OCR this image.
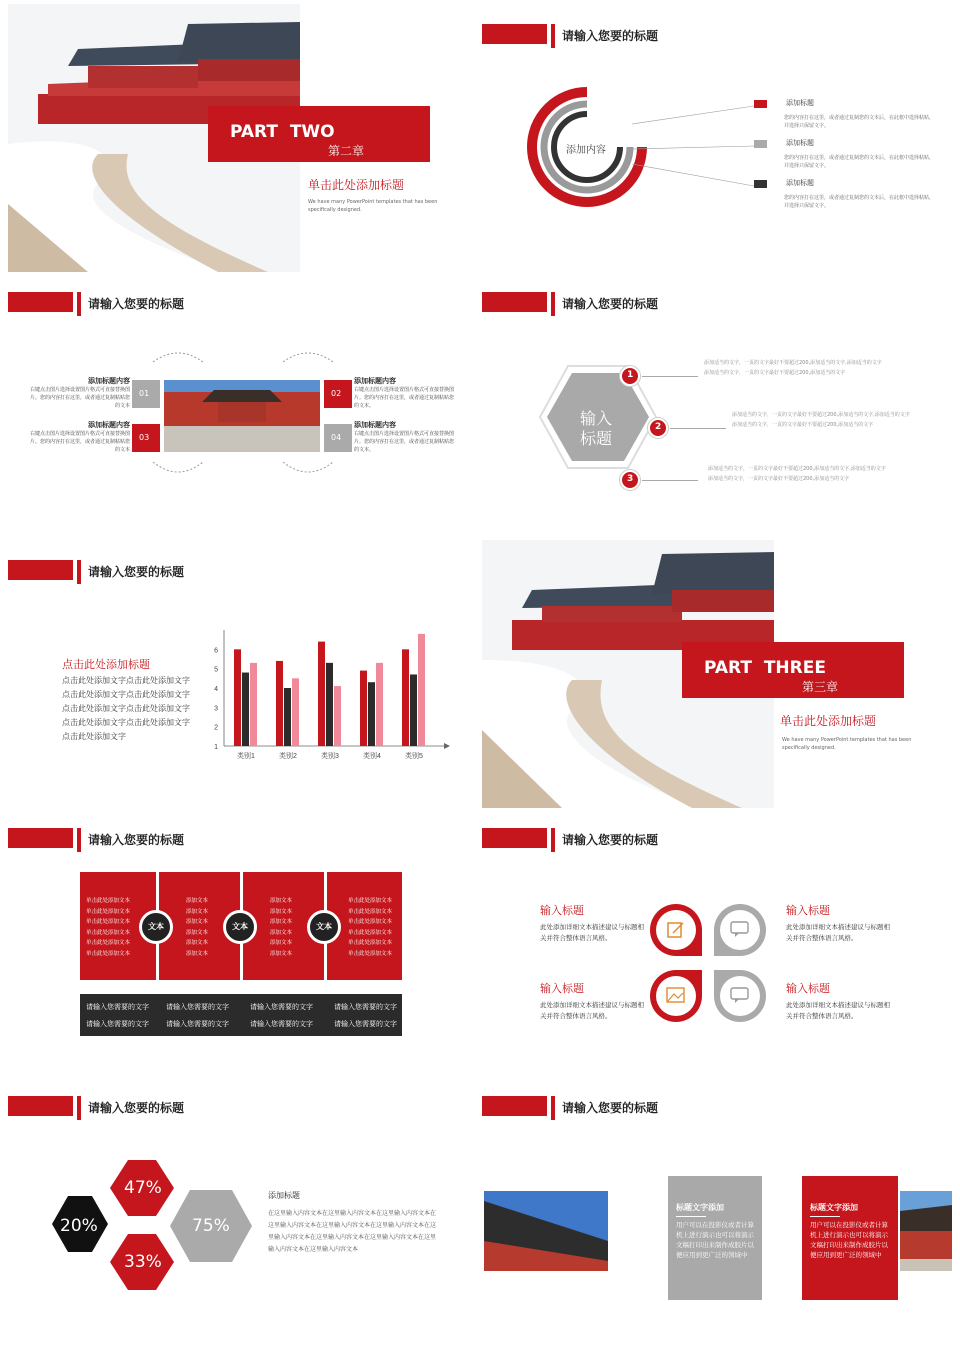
PART  TWO
第二章
单击此处添加标题
We have many PowerPoint templates that has been specifically designed.
请输入您要的标题
添加内容
添加标题
您的内容打在这里，或者通过复制您的文本后，在此框中选择粘贴，并选择只保留文字。
添加标题
您的内容打在这里，或者通过复制您的文本后，在此框中选择粘贴，并选择只保留文字。
添加标题
您的内容打在这里，或者通过复制您的文本后，在此框中选择粘贴，并选择只保留文字。
请输入您要的标题
01	02
03	04
添加标题内容
右键点击图片选择设置图片格式可直接替换图片。您的内容打在这里，或者通过复制粘贴您的文本
添加标题内容
右键点击图片选择设置图片格式可直接替换图片。您的内容打在这里，或者通过复制粘贴您的文本。
添加标题内容
右键点击图片选择设置图片格式可直接替换图片。您的内容打在这里，或者通过复制粘贴您的文本
添加标题内容
右键点击图片选择设置图片格式可直接替换图片。您的内容打在这里，或者通过复制粘贴您的文本。
请输入您要的标题
输入
标题
1
2
3
添加适当的文字，一页的文字最好不要超过200,添加适当的文字,添加适当的文字添加适当的文字，一页的文字最好不要超过200,添加适当的文字
添加适当的文字，一页的文字最好不要超过200,添加适当的文字,添加适当的文字添加适当的文字，一页的文字最好不要超过200,添加适当的文字
添加适当的文字，一页的文字最好不要超过200,添加适当的文字,添加适当的文字添加适当的文字，一页的文字最好不要超过200,添加适当的文字
请输入您要的标题
点击此处添加标题
点击此处添加文字点击此处添加文字
点击此处添加文字点击此处添加文字
点击此处添加文字点击此处添加文字
点击此处添加文字点击此处添加文字
点击此处添加文字
1
2
3
4
5
6
类别1	类别2	类别3	类别4	类别5
PART  THREE
第三章
单击此处添加标题
We have many PowerPoint templates that has been specifically designed.
请输入您要的标题
单击此处添加文本
单击此处添加文本
单击此处添加文本
单击此处添加文本
单击此处添加文本
单击此处添加文本
添加文本
添加文本
添加文本
添加文本
添加文本
添加文本
添加文本
添加文本
添加文本
添加文本
添加文本
添加文本
单击此处添加文本
单击此处添加文本
单击此处添加文本
单击此处添加文本
单击此处添加文本
单击此处添加文本
文本	文本	文本
请输入您需要的文字 请输入您需要的文字	请输入您需要的文字	请输入您需要的文字
请输入您需要的文字 请输入您需要的文字	请输入您需要的文字	请输入您需要的文字
请输入您要的标题
输入标题
此处添加详细文本描述建议与标题相关并符合整体语言风格。
输入标题
此处添加详细文本描述建议与标题相关并符合整体语言风格。
输入标题
此处添加详细文本描述建议与标题相关并符合整体语言风格。
输入标题
此处添加详细文本描述建议与标题相关并符合整体语言风格。
请输入您要的标题
47%
20%	75%
33%
添加标题
在这里输入内容文本在这里输入内容文本在这里输入内容文本在这里输入内容文本在这里输入内容文本在这里输入内容文本在这里输入内容文本在这里输入内容文本在这里输入内容文本在这里输入内容文本在这里输入内容文本
请输入您要的标题
标题文字添加
用户可以在投影仪或者计算机上进行演示也可以将演示文稿打印出来制作成胶片以便应用到更广泛的领域中
标题文字添加
用户可以在投影仪或者计算机上进行演示也可以将演示文稿打印出来制作成胶片以便应用到更广泛的领域中
